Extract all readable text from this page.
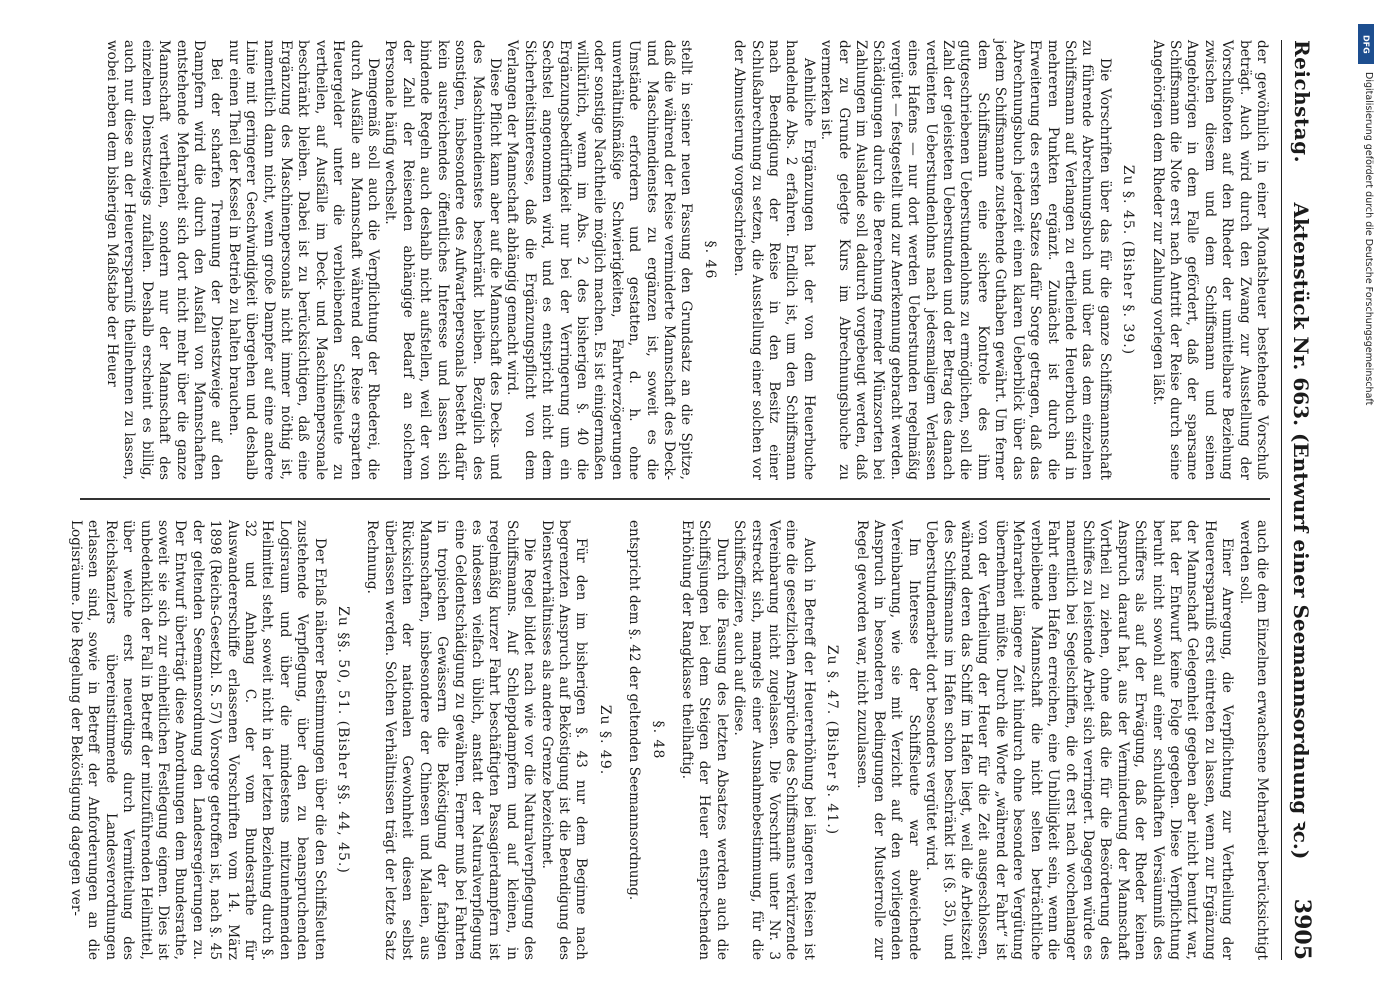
Reichstag.
Aktenstück Nr. 663. (Entwurf einer Seemannsordnung ꝛc.)
3905

der gewöhnlich in einer Monatsheuer bestehende Vorschuß beträgt. Auch wird durch den Zwang zur Ausstellung der Vorschußnoten auf den Rheder der unmittelbare Beziehung zwischen diesem und dem Schiffsmann und seinen Angehörigen in dem Falle gefördert, daß der sparsame Schiffsmann die Note erst nach Antritt der Reise durch seine Angehörigen dem Rheder zur Zahlung vorlegen läßt.

Zu §. 45. (Bisher §. 39.)

Die Vorschriften über das für die ganze Schiffsmannschaft zu führende Abrechnungsbuch und über das dem einzelnen Schiffsmann auf Verlangen zu ertheilende Heuerbuch sind in mehreren Punkten ergänzt. Zunächst ist durch die Erweiterung des ersten Satzes dafür Sorge getragen, daß das Abrechnungsbuch jederzeit einen klaren Ueberblick über das jedem Schiffsmanne zustehende Guthaben gewährt. Um ferner dem Schiffsmann eine sichere Kontrole des ihm gutgeschriebenen Ueberstundenlohns zu ermöglichen, soll die Zahl der geleisteten Ueberstunden und der Betrag des danach verdienten Ueberstundenlohns nach jedesmaligem Verlassen eines Hafens — nur dort werden Ueberstunden regelmäßig vergütet — festgestellt und zur Anerkennung gebracht werden. Schädigungen durch die Berechnung fremder Münzsorten bei Zahlungen im Auslande soll dadurch vorgebeugt werden, daß der zu Grunde gelegte Kurs im Abrechnungsbuche zu vermerken ist.

Aehnliche Ergänzungen hat der von dem Heuerbuche handelnde Abs. 2 erfahren. Endlich ist, um den Schiffsmann nach Beendigung der Reise in den Besitz einer Schlußabrechnung zu setzen, die Ausstellung einer solchen vor der Abmusterung vorgeschrieben.

§. 46

stellt in seiner neuen Fassung den Grundsatz an die Spitze, daß die während der Reise verminderte Mannschaft des Deck- und Maschinendienstes zu ergänzen ist, soweit es die Umstände erfordern und gestatten, d. h. ohne unverhältnißmäßige Schwierigkeiten, Fahrtverzögerungen oder sonstige Nachtheile möglich machen. Es ist einigermaßen willkürlich, wenn im Abs. 2 des bisherigen §. 40 die Ergänzungsbedürftigkeit nur bei der Verringerung um ein Sechstel angenommen wird, und es entspricht nicht dem Sicherheitsinteresse, daß die Ergänzungspflicht von dem Verlangen der Mannschaft abhängig gemacht wird.

Diese Pflicht kann aber auf die Mannschaft des Decks- und des Maschinendienstes beschränkt bleiben. Bezüglich des sonstigen, insbesondere des Aufwartepersonals besteht dafür kein ausreichendes öffentliches Interesse und lassen sich bindende Regeln auch deshalb nicht aufstellen, weil der von der Zahl der Reisenden abhängige Bedarf an solchem Personale häufig wechselt.

Demgemäß soll auch die Verpflichtung der Rhederei, die durch Ausfälle an Mannschaft während der Reise ersparten Heuergelder unter die verbleibenden Schiffsleute zu vertheilen, auf Ausfälle im Deck- und Maschinenpersonale beschränkt bleiben. Dabei ist zu berücksichtigen, daß eine Ergänzung des Maschinenpersonals nicht immer nöthig ist, namentlich dann nicht, wenn große Dampfer auf eine andere Linie mit geringerer Geschwindigkeit übergehen und deshalb nur einen Theil der Kessel in Betrieb zu halten brauchen.

Bei der scharfen Trennung der Dienstzweige auf den Dampfern wird die durch den Ausfall von Mannschaften entstehende Mehrarbeit sich dort nicht mehr über die ganze Mannschaft vertheilen, sondern nur der Mannschaft des einzelnen Dienstzweigs zufallen. Deshalb erscheint es billig, auch nur diese an der Heuerersparniß theilnehmen zu lassen, wobei neben dem bisherigen Maßstabe der Heuer

auch die dem Einzelnen erwachsene Mehrarbeit berücksichtigt werden soll.

Einer Anregung, die Verpflichtung zur Vertheilung der Heuerersparniß erst eintreten zu lassen, wenn zur Ergänzung der Mannschaft Gelegenheit gegeben aber nicht benutzt war, hat der Entwurf keine Folge gegeben. Diese Verpflichtung beruht nicht sowohl auf einer schuldhaften Versäumniß des Schiffers als auf der Erwägung, daß der Rheder keinen Anspruch darauf hat, aus der Verminderung der Mannschaft Vortheil zu ziehen, ohne daß die für die Besörderung des Schiffes zu leistende Arbeit sich verringert. Dagegen würde es namentlich bei Segelschiffen, die oft erst nach wochenlanger Fahrt einen Hafen erreichen, eine Unbilligkeit sein, wenn die verbleibende Mannschaft die nicht selten beträchtliche Mehrarbeit längere Zeit hindurch ohne besondere Vergütung übernehmen müßte. Durch die Worte „während der Fahrt“ ist von der Vertheilung der Heuer für die Zeit ausgeschlossen, während deren das Schiff im Hafen liegt, weil die Arbeitszeit des Schiffsmanns im Hafen schon beschränkt ist (§. 35), und Ueberstundenarbeit dort besonders vergütet wird.

Im Interesse der Schiffsleute war abweichende Vereinbarung, wie sie mit Verzicht auf den vorliegenden Anspruch in besonderen Bedingungen der Musterrolle zur Regel geworden war, nicht zuzulassen.

Zu §. 47. (Bisher §. 41.)

Auch in Betreff der Heuererhöhung bei längeren Reisen ist eine die gesetzlichen Ansprüche des Schiffsmanns verkürzende Vereinbarung nicht zugelassen. Die Vorschrift unter Nr. 3 erstreckt sich, mangels einer Ausnahmebestimmung, für die Schiffsoffiziere, auch auf diese.

Durch die Fassung des letzten Absatzes werden auch die Schiffsjungen bei dem Steigen der Heuer entsprechenden Erhöhung der Rangklasse theilhaftig.

§. 48

entspricht dem §. 42 der geltenden Seemannsordnung.

Zu §. 49.

Für den im bisherigen §. 43 nur dem Beginne nach begrenzten Anspruch auf Beköstigung ist die Beendigung des Dienstverhältnisses als andere Grenze bezeichnet.

Die Regel bildet nach wie vor die Naturalverpflegung des Schiffsmanns. Auf Schleppdampfern und auf kleinen, in regelmäßig kurzer Fahrt beschäftigten Passagierdampfern ist es indessen vielfach üblich, anstatt der Naturalverpflegung eine Geldentschädigung zu gewähren. Ferner muß bei Fahrten in tropischen Gewässern die Beköstigung der farbigen Mannschaften, insbesondere der Chinesen und Malaien, aus Rücksichten der nationalen Gewohnheit diesen selbst überlassen werden. Solchen Verhältnissen trägt der letzte Satz Rechnung.

Zu §§. 50, 51. (Bisher §§. 44, 45.)

Der Erlaß näherer Bestimmungen über die den Schiffsleuten zustehende Verpflegung, über den zu beanspruchenden Logisraum und über die mindestens mitzunehmenden Heilmittel steht, soweit nicht in der letzten Beziehung durch §. 32 und Anhang C. der vom Bundesrathe für Auswandererschiffe erlassenen Vorschriften vom 14. März 1898 (Reichs-Gesetzbl. S. 57) Vorsorge getroffen ist, nach §. 45 der geltenden Seemannsordnung den Landesregierungen zu. Der Entwurf überträgt diese Anordnungen dem Bundesrathe, soweit sie sich zur einheitlichen Festlegung eignen. Dies ist unbedenklich der Fall in Betreff der mitzuführenden Heilmittel, über welche erst neuerdings durch Vermittelung des Reichskanzlers übereinstimmende Landesverordnungen erlassen sind, sowie in Betreff der Anforderungen an die Logisräume. Die Regelung der Beköstigung dagegen ver-

DFG
Digitalisierung gefördert durch die Deutsche Forschungsgemeinschaft
